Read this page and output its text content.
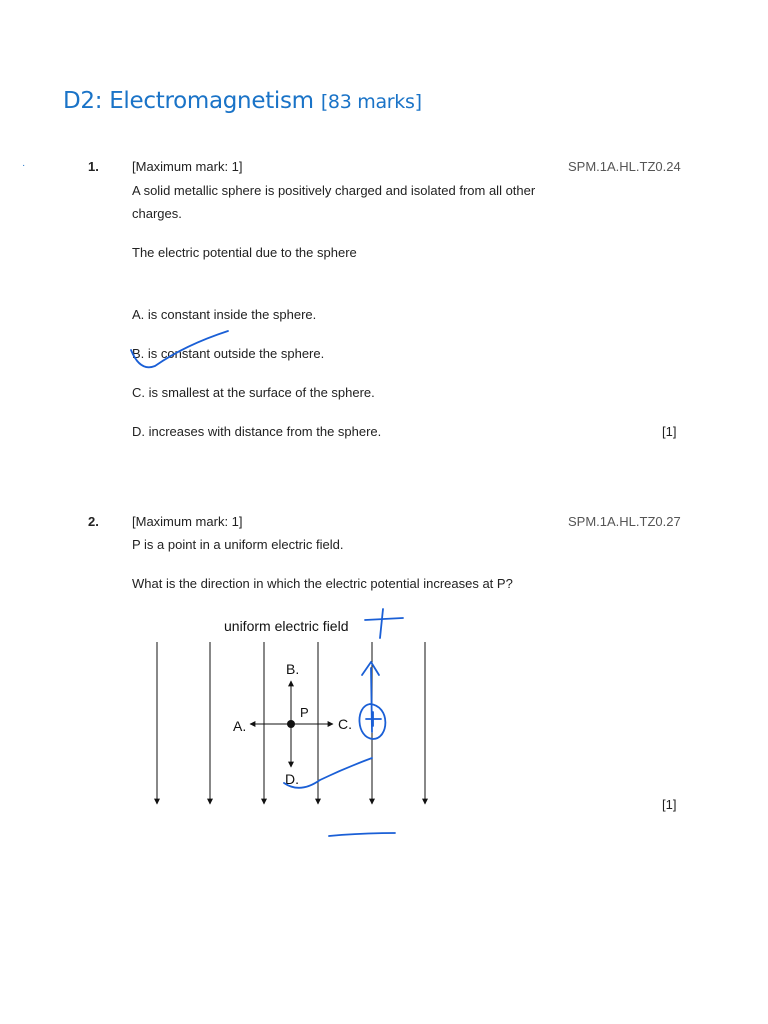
D2: Electromagnetism [83 marks]
·	1.	[Maximum mark: 1]	SPM.1A.HL.TZ0.24
A solid metallic sphere is positively charged and isolated from all other
charges.
The electric potential due to the sphere
A. is constant inside the sphere.
B. is constant outside the sphere.
C. is smallest at the surface of the sphere.
D. increases with distance from the sphere.	[1]
2.	[Maximum mark: 1]	SPM.1A.HL.TZ0.27
P is a point in a uniform electric field.
What is the direction in which the electric potential increases at P?
[1]
uniform electric field
P
B.
A.	C.
D.
